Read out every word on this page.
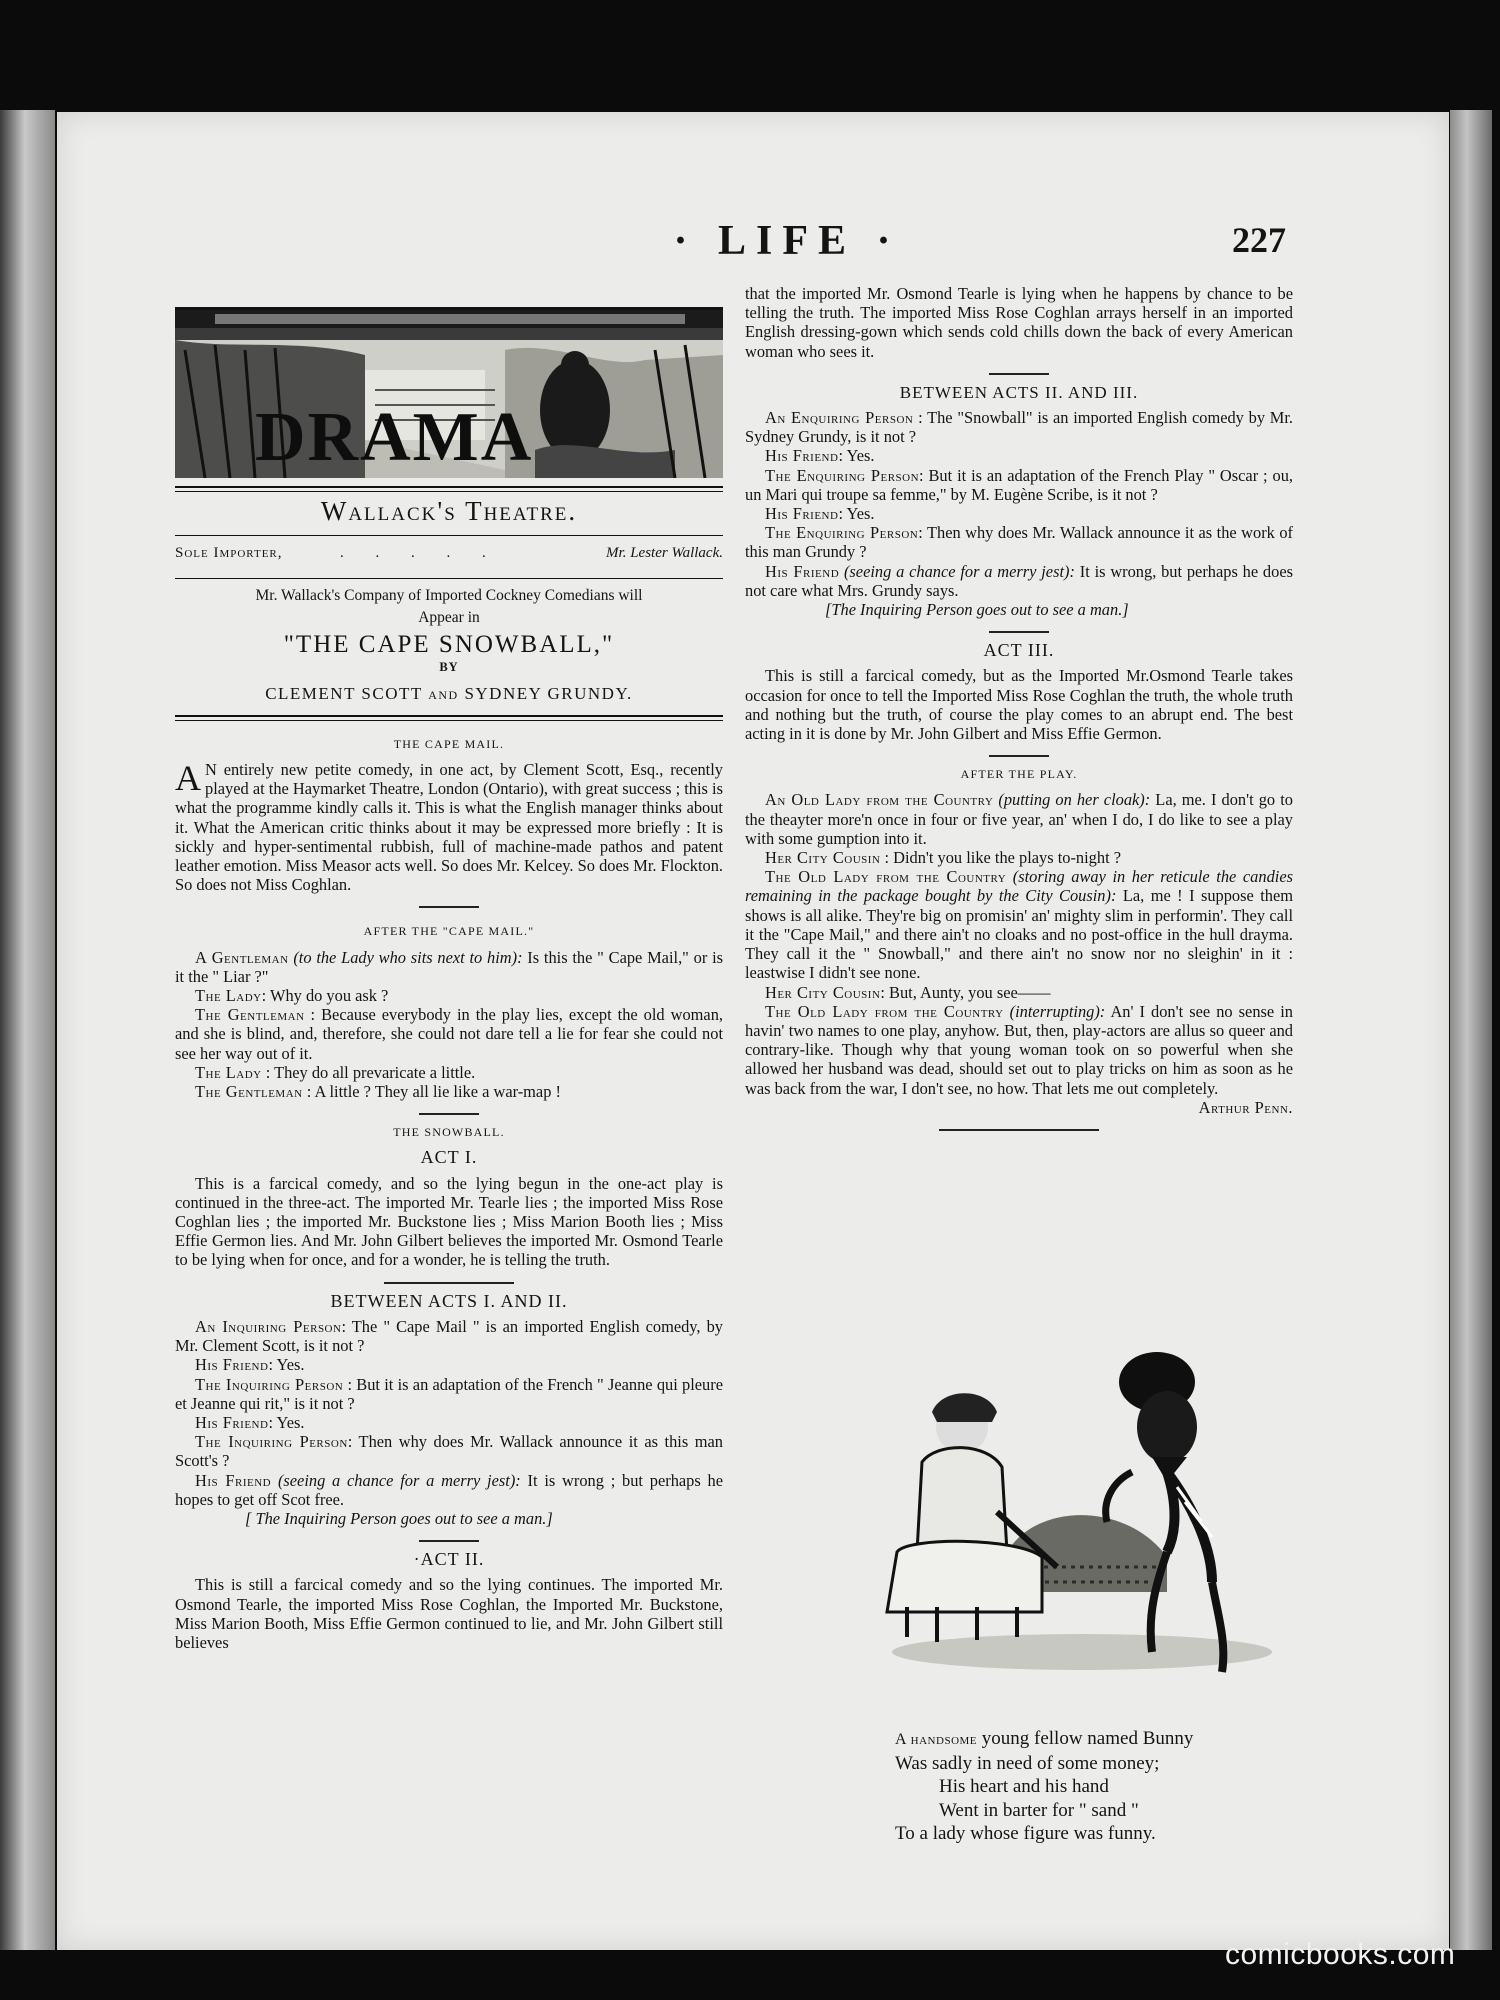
· LIFE ·	227
DRAMA
Wallack's Theatre.
Sole Importer,	. . . . .	Mr. Lester Wallack.
Mr. Wallack's Company of Imported Cockney Comedians will
Appear in
"THE CAPE SNOWBALL,"
BY
CLEMENT SCOTT AND SYDNEY GRUNDY.
THE CAPE MAIL.

A N entirely new petite comedy, in one act, by Clement Scott, Esq., recently played at the Haymarket Theatre, London (Ontario), with great success ; this is what the programme kindly calls it. This is what the English manager thinks about it. What the American critic thinks about it may be expressed more briefly : It is sickly and hyper-sentimental rubbish, full of machine-made pathos and patent leather emotion. Miss Measor acts well. So does Mr. Kelcey. So does Mr. Flockton. So does not Miss Coghlan.

AFTER THE "CAPE MAIL."

A Gentleman (to the Lady who sits next to him): Is this the " Cape Mail," or is it the " Liar ?"

The Lady: Why do you ask ?

The Gentleman : Because everybody in the play lies, except the old woman, and she is blind, and, therefore, she could not dare tell a lie for fear she could not see her way out of it.

The Lady : They do all prevaricate a little.

The Gentleman : A little ? They all lie like a war-map !

THE SNOWBALL.
ACT I.

This is a farcical comedy, and so the lying begun in the one-act play is continued in the three-act. The imported Mr. Tearle lies ; the imported Miss Rose Coghlan lies ; the imported Mr. Buckstone lies ; Miss Marion Booth lies ; Miss Effie Germon lies. And Mr. John Gilbert believes the imported Mr. Osmond Tearle to be lying when for once, and for a wonder, he is telling the truth.

BETWEEN ACTS I. AND II.

An Inquiring Person: The " Cape Mail " is an imported English comedy, by Mr. Clement Scott, is it not ?

His Friend: Yes.

The Inquiring Person : But it is an adaptation of the French " Jeanne qui pleure et Jeanne qui rit," is it not ?

His Friend: Yes.

The Inquiring Person: Then why does Mr. Wallack announce it as this man Scott's ?

His Friend (seeing a chance for a merry jest): It is wrong ; but perhaps he hopes to get off Scot free.

[ The Inquiring Person goes out to see a man.]

·ACT II.

This is still a farcical comedy and so the lying continues. The imported Mr. Osmond Tearle, the imported Miss Rose Coghlan, the Imported Mr. Buckstone, Miss Marion Booth, Miss Effie Germon continued to lie, and Mr. John Gilbert still believes

that the imported Mr. Osmond Tearle is lying when he happens by chance to be telling the truth. The imported Miss Rose Coghlan arrays herself in an imported English dressing-gown which sends cold chills down the back of every American woman who sees it.

BETWEEN ACTS II. AND III.

An Enquiring Person : The "Snowball" is an imported English comedy by Mr. Sydney Grundy, is it not ?

His Friend: Yes.

The Enquiring Person: But it is an adaptation of the French Play " Oscar ; ou, un Mari qui troupe sa femme," by M. Eugène Scribe, is it not ?

His Friend: Yes.

The Enquiring Person: Then why does Mr. Wallack announce it as the work of this man Grundy ?

His Friend (seeing a chance for a merry jest): It is wrong, but perhaps he does not care what Mrs. Grundy says.

[The Inquiring Person goes out to see a man.]

ACT III.

This is still a farcical comedy, but as the Imported Mr.Osmond Tearle takes occasion for once to tell the Imported Miss Rose Coghlan the truth, the whole truth and nothing but the truth, of course the play comes to an abrupt end. The best acting in it is done by Mr. John Gilbert and Miss Effie Germon.

AFTER THE PLAY.

An Old Lady from the Country (putting on her cloak): La, me. I don't go to the theayter more'n once in four or five year, an' when I do, I do like to see a play with some gumption into it.

Her City Cousin : Didn't you like the plays to-night ?

The Old Lady from the Country (storing away in her reticule the candies remaining in the package bought by the City Cousin): La, me ! I suppose them shows is all alike. They're big on promisin' an' mighty slim in performin'. They call it the "Cape Mail," and there ain't no cloaks and no post-office in the hull drayma. They call it the " Snowball," and there ain't no snow nor no sleighin' in it : leastwise I didn't see none.

Her City Cousin: But, Aunty, you see——

The Old Lady from the Country (interrupting): An' I don't see no sense in havin' two names to one play, anyhow. But, then, play-actors are allus so queer and contrary-like. Though why that young woman took on so powerful when she allowed her husband was dead, should set out to play tricks on him as soon as he was back from the war, I don't see, no how. That lets me out completely.

Arthur Penn.
A handsome young fellow named Bunny
Was sadly in need of some money;
His heart and his hand
Went in barter for " sand "
To a lady whose figure was funny.
comicbooks.com
